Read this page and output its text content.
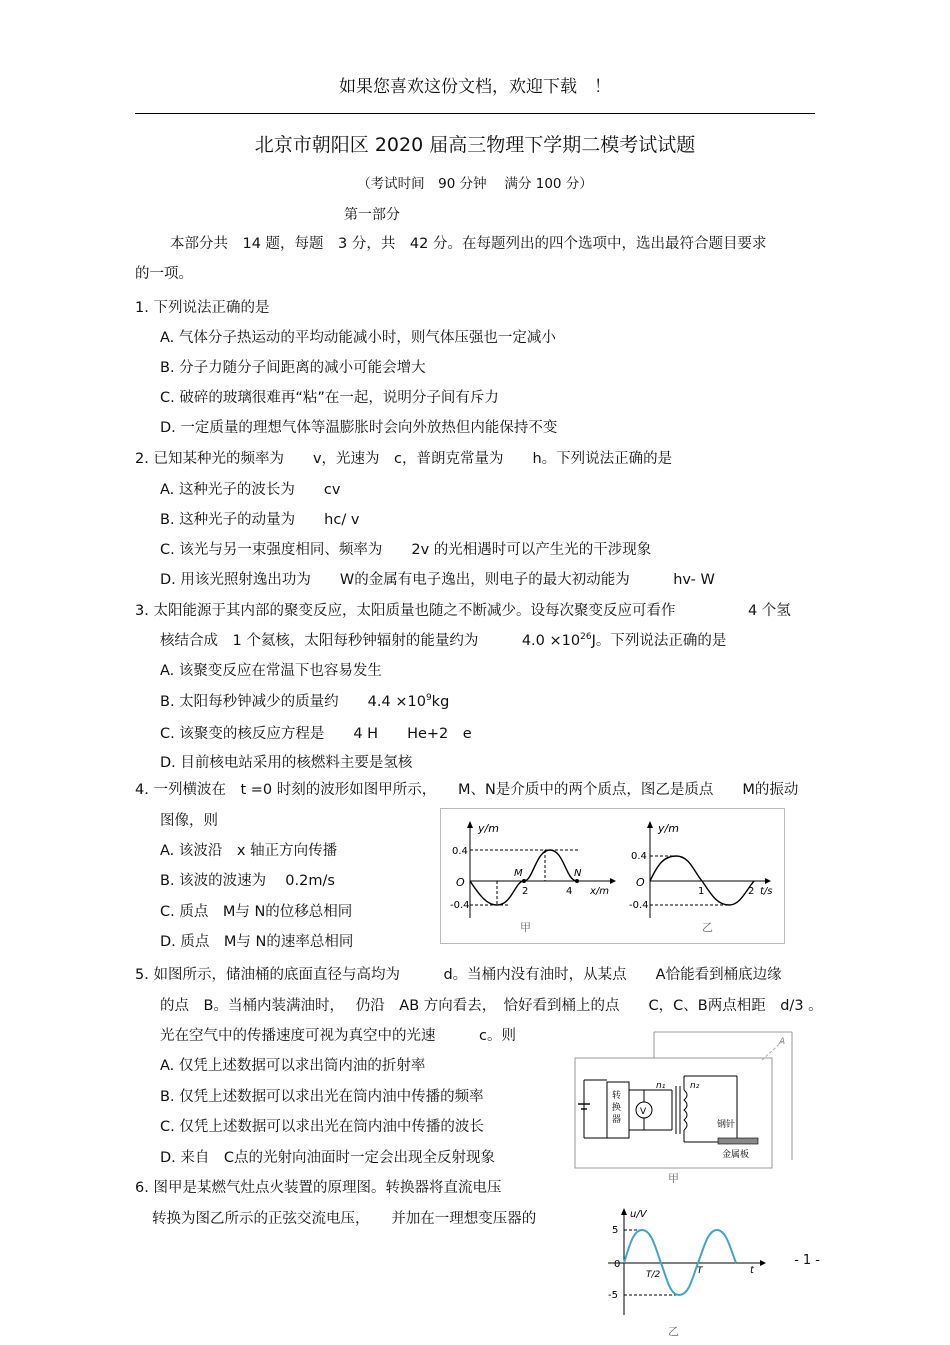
如果您喜欢这份文档，欢迎下载　！
北京市朝阳区 2020 届高三物理下学期二模考试试题
（考试时间　90 分钟　 满分 100 分）
第一部分
本部分共　14 题，每题　3 分，共　42 分。在每题列出的四个选项中，选出最符合题目要求
的一项。
1. 下列说法正确的是
A. 气体分子热运动的平均动能减小时，则气体压强也一定减小
B. 分子力随分子间距离的减小可能会增大
C. 破碎的玻璃很难再“粘”在一起，说明分子间有斥力
D. 一定质量的理想气体等温膨胀时会向外放热但内能保持不变
2. 已知某种光的频率为　　v，光速为　c，普朗克常量为　　h。下列说法正确的是
A. 这种光子的波长为　　cv
B. 这种光子的动量为　　hc/ v
C. 该光与另一束强度相同、频率为　　2v 的光相遇时可以产生光的干涉现象
D. 用该光照射逸出功为　　W的金属有电子逸出，则电子的最大初动能为　　　hv- W
3. 太阳能源于其内部的聚变反应，太阳质量也随之不断减少。设每次聚变反应可看作　　　　　4 个氢
核结合成　1 个氦核，太阳每秒钟辐射的能量约为　　　$4.0 \times 10^{26}J$。下列说法正确的是
A. 该聚变反应在常温下也容易发生
B. 太阳每秒钟减少的质量约　　$4.4 \times 10^9kg$
C. 该聚变的核反应方程是　　4 H　　He+2　e
D. 目前核电站采用的核燃料主要是氢核
4. 一列横波在　t =0 时刻的波形如图甲所示，　　M、N是介质中的两个质点，图乙是质点　　M的振动
图像，则
A. 该波沿　x 轴正方向传播
B. 该波的波速为　 0.2m/s
C. 质点　M与 N的位移总相同
D. 质点　M与 N的速率总相同
y/m
0.4
-0.4
O
M	N
2	4 x/m
甲
y/m
0.4
-0.4
O
1	2 t/s
乙
5. 如图所示，储油桶的底面直径与高均为　　　d。当桶内没有油时，从某点　　A恰能看到桶底边缘
的点　B。当桶内装满油时，　 仍沿　AB 方向看去，　恰好看到桶上的点　　C，C、B两点相距　d/3 。
光在空气中的传播速度可视为真空中的光速　　　c。则
A. 仅凭上述数据可以求出筒内油的折射率
B. 仅凭上述数据可以求出光在筒内油中传播的频率
C. 仅凭上述数据可以求出光在筒内油中传播的波长
D. 来自　C点的光射向油面时一定会出现全反射现象
6. 图甲是某燃气灶点火装置的原理图。转换器将直流电压
转换为图乙所示的正弦交流电压，　　并加在一理想变压器的
A
转
换
器
转换器
V
n₁	n₂
钢针
金属板
甲
u/V
5
-5
0
T/2	T	t
乙
- 1 -
